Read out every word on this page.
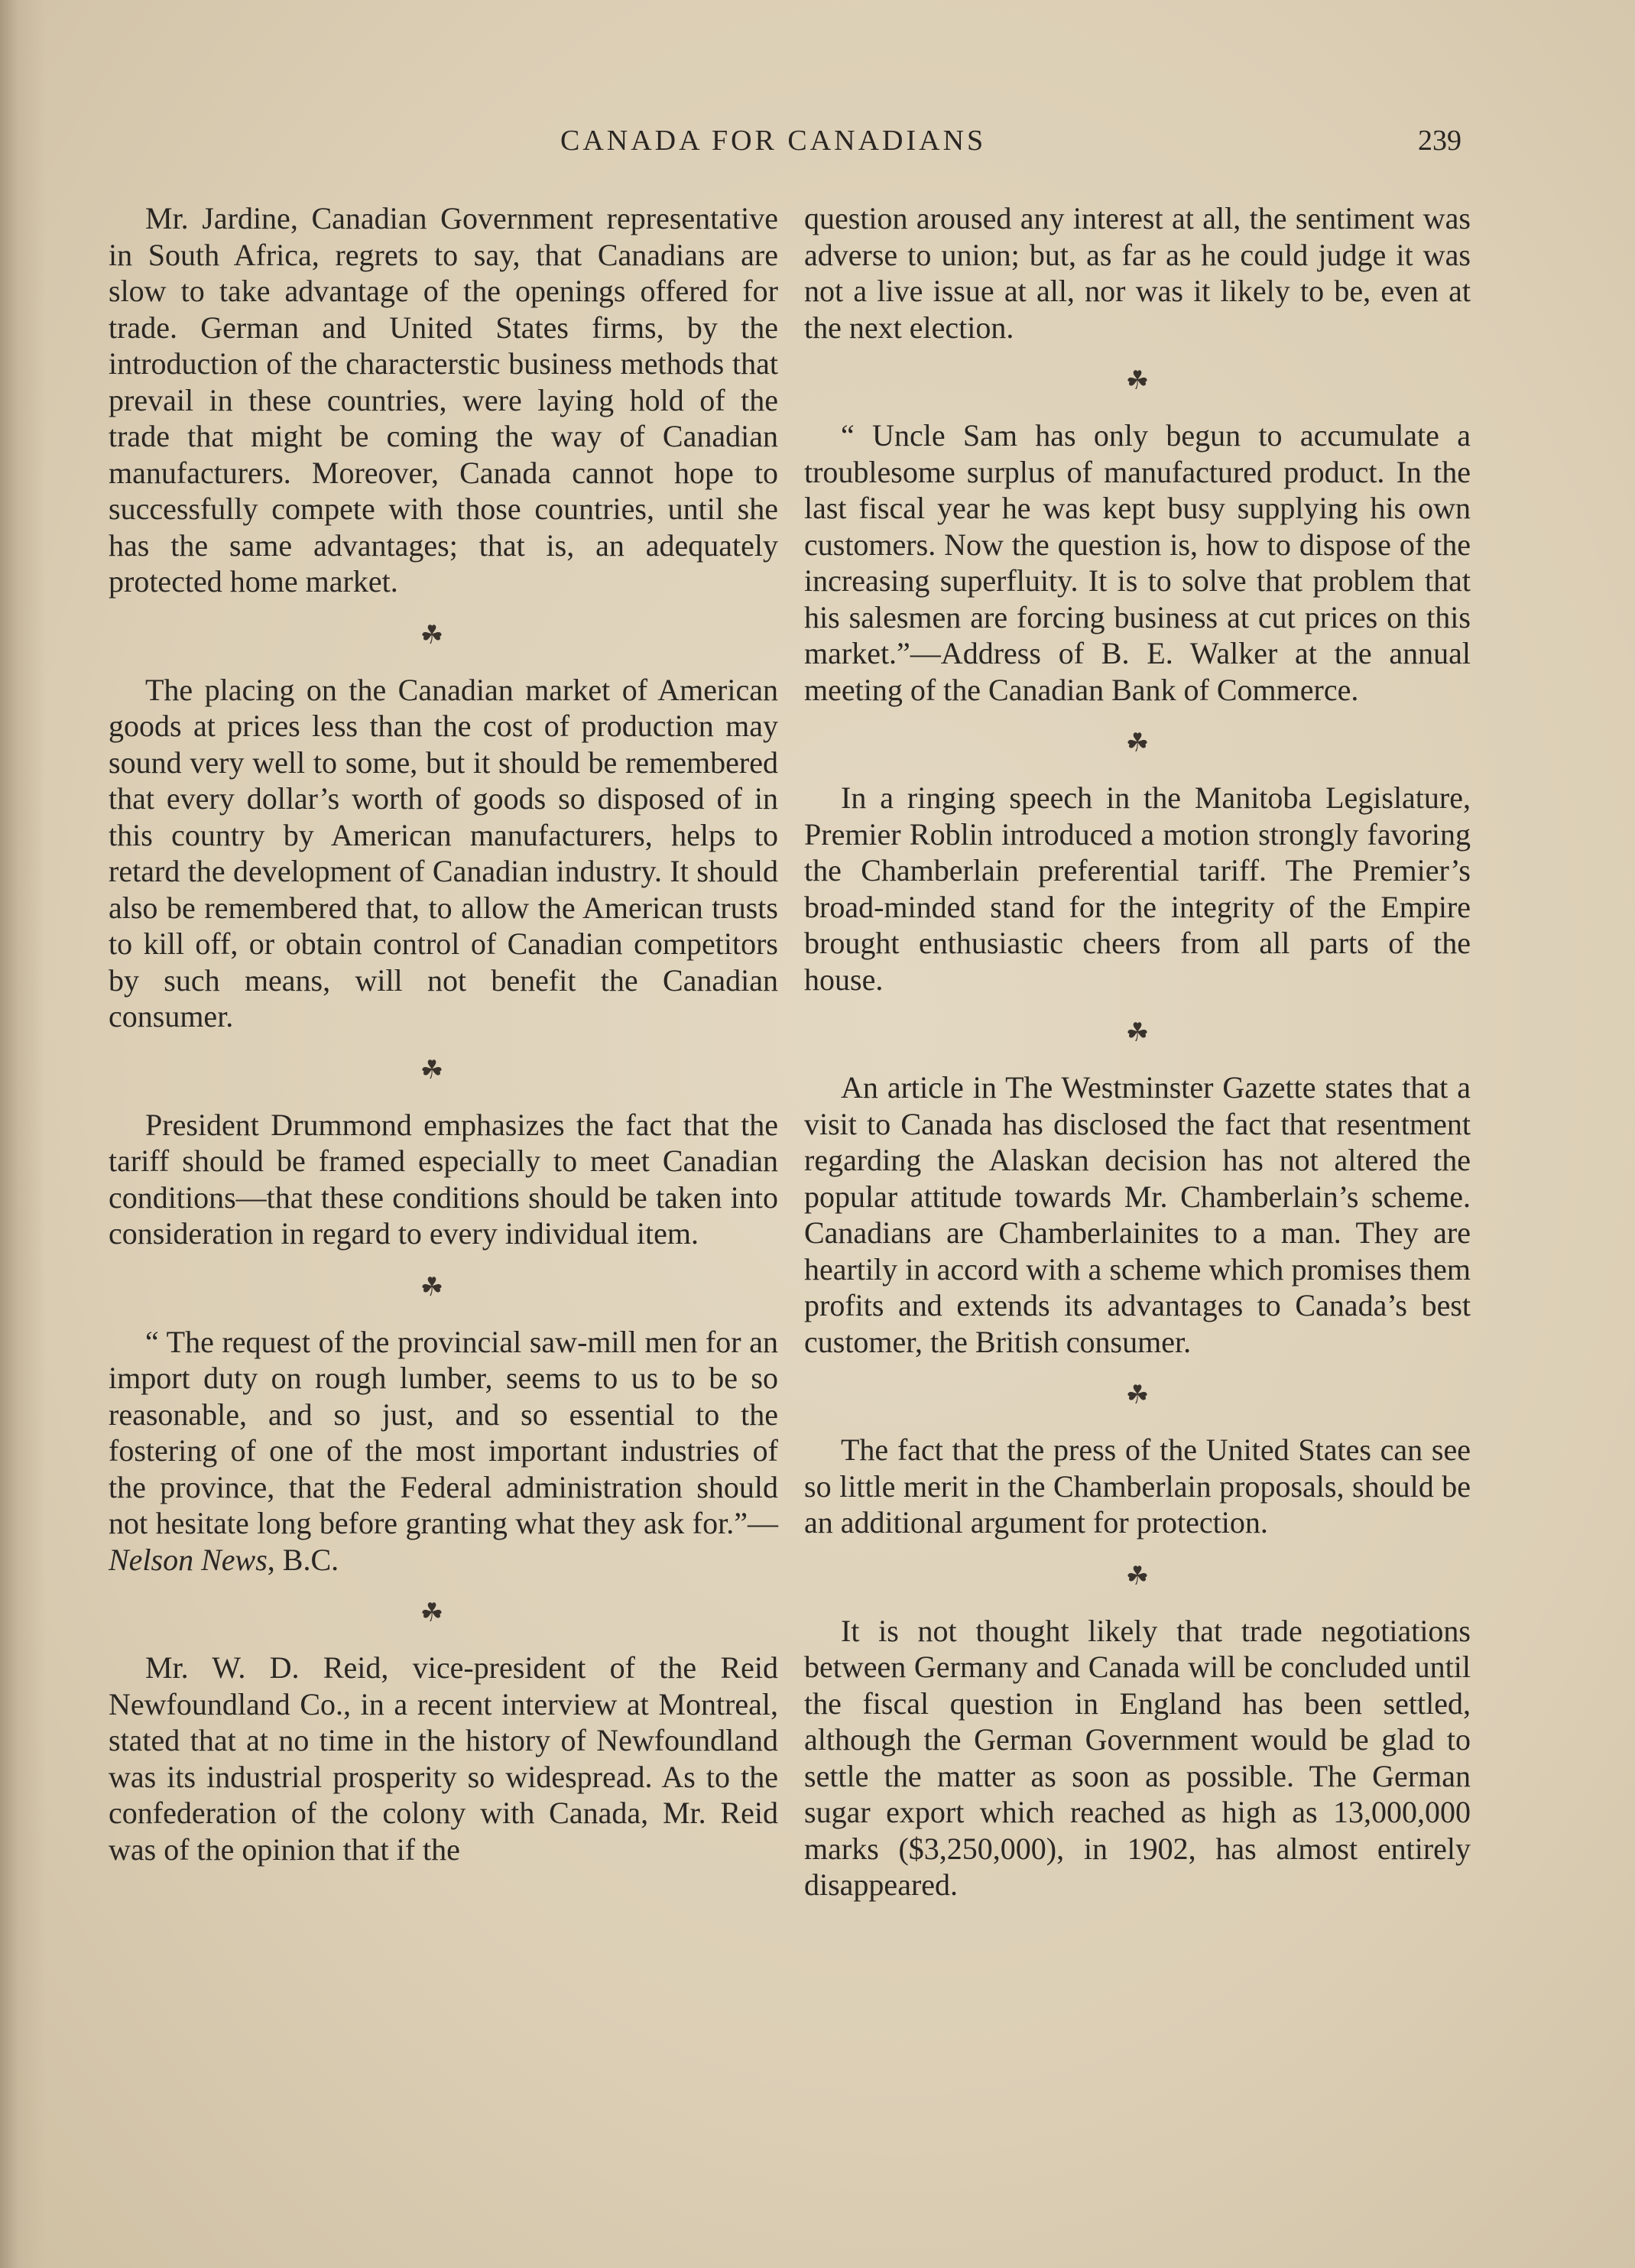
CANADA FOR CANADIANS	239

Mr. Jardine, Canadian Government representative in South Africa, regrets to say, that Canadians are slow to take advantage of the openings offered for trade. German and United States firms, by the introduction of the characterstic business methods that prevail in these countries, were laying hold of the trade that might be coming the way of Canadian manufacturers. Moreover, Canada cannot hope to successfully compete with those countries, until she has the same advantages; that is, an adequately protected home market.

☘

The placing on the Canadian market of American goods at prices less than the cost of production may sound very well to some, but it should be remembered that every dollar’s worth of goods so disposed of in this country by American manufacturers, helps to retard the development of Canadian industry. It should also be remembered that, to allow the American trusts to kill off, or obtain control of Canadian competitors by such means, will not benefit the Canadian consumer.

☘

President Drummond emphasizes the fact that the tariff should be framed especially to meet Canadian conditions—that these conditions should be taken into consideration in regard to every individual item.

☘

“ The request of the provincial saw-mill men for an import duty on rough lumber, seems to us to be so reasonable, and so just, and so essential to the fostering of one of the most important industries of the province, that the Federal administration should not hesitate long before granting what they ask for.”—Nelson News, B.C.

☘

Mr. W. D. Reid, vice-president of the Reid Newfoundland Co., in a recent interview at Montreal, stated that at no time in the history of Newfoundland was its industrial prosperity so widespread. As to the confederation of the colony with Canada, Mr. Reid was of the opinion that if the

question aroused any interest at all, the sentiment was adverse to union; but, as far as he could judge it was not a live issue at all, nor was it likely to be, even at the next election.

☘

“ Uncle Sam has only begun to accumulate a troublesome surplus of manufactured product. In the last fiscal year he was kept busy supplying his own customers. Now the question is, how to dispose of the increasing superfluity. It is to solve that problem that his salesmen are forcing business at cut prices on this market.”—Address of B. E. Walker at the annual meeting of the Canadian Bank of Commerce.

☘

In a ringing speech in the Manitoba Legislature, Premier Roblin introduced a motion strongly favoring the Chamberlain preferential tariff. The Premier’s broad-minded stand for the integrity of the Empire brought enthusiastic cheers from all parts of the house.

☘

An article in The Westminster Gazette states that a visit to Canada has disclosed the fact that resentment regarding the Alaskan decision has not altered the popular attitude towards Mr. Chamberlain’s scheme. Canadians are Chamberlainites to a man. They are heartily in accord with a scheme which promises them profits and extends its advantages to Canada’s best customer, the British consumer.

☘

The fact that the press of the United States can see so little merit in the Chamberlain proposals, should be an additional argument for protection.

☘

It is not thought likely that trade negotiations between Germany and Canada will be concluded until the fiscal question in England has been settled, although the German Government would be glad to settle the matter as soon as possible. The German sugar export which reached as high as 13,000,000 marks ($3,250,000), in 1902, has almost entirely disappeared.
